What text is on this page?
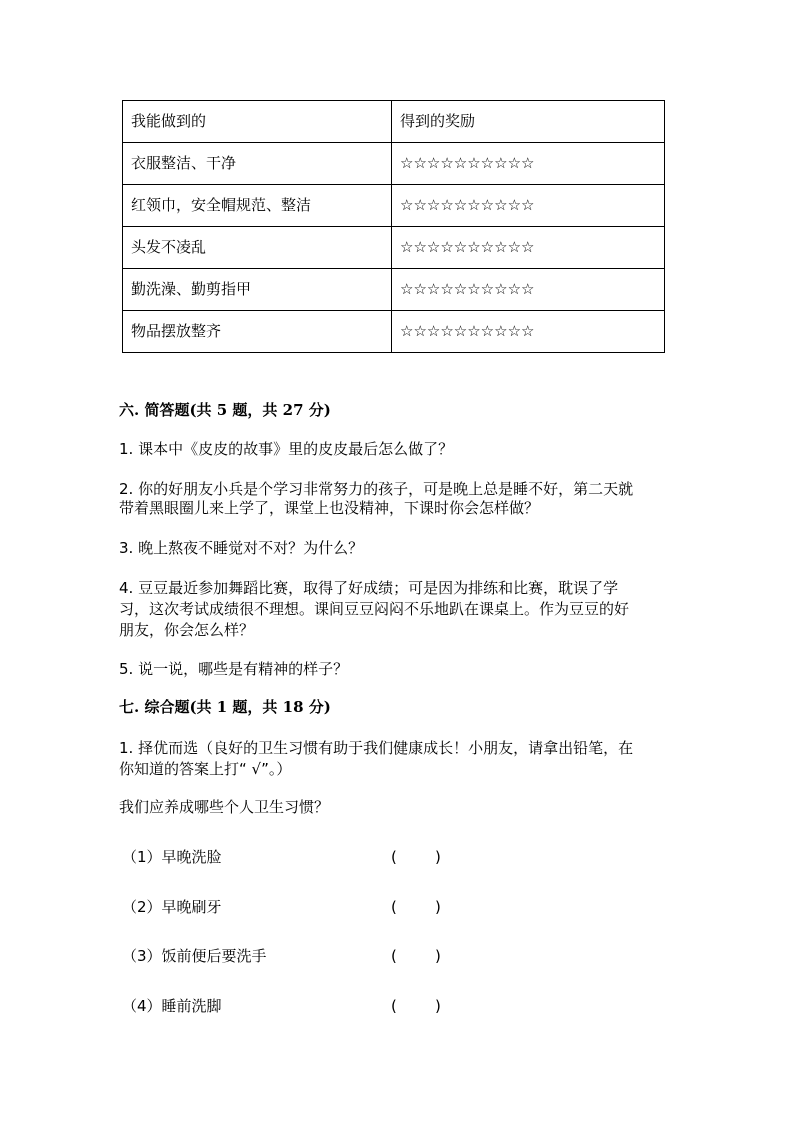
我能做到的	得到的奖励
衣服整洁、干净	☆☆☆☆☆☆☆☆☆☆
红领巾，安全帽规范、整洁	☆☆☆☆☆☆☆☆☆☆
头发不凌乱	☆☆☆☆☆☆☆☆☆☆
勤洗澡、勤剪指甲	☆☆☆☆☆☆☆☆☆☆
物品摆放整齐	☆☆☆☆☆☆☆☆☆☆
六. 简答题(共 5 题，共 27 分)
1. 课本中《皮皮的故事》里的皮皮最后怎么做了？
2. 你的好朋友小兵是个学习非常努力的孩子，可是晚上总是睡不好，第二天就
带着黑眼圈儿来上学了，课堂上也没精神，下课时你会怎样做？
3. 晚上熬夜不睡觉对不对？为什么？
4. 豆豆最近参加舞蹈比赛，取得了好成绩；可是因为排练和比赛，耽误了学
习，这次考试成绩很不理想。课间豆豆闷闷不乐地趴在课桌上。作为豆豆的好
朋友，你会怎么样？
5. 说一说，哪些是有精神的样子？
七. 综合题(共 1 题，共 18 分)
1. 择优而选（良好的卫生习惯有助于我们健康成长！小朋友，请拿出铅笔，在
你知道的答案上打“ √”。）
我们应养成哪些个人卫生习惯？
（1）早晚洗脸	(        )
（2）早晚刷牙	(        )
（3）饭前便后要洗手	(        )
（4）睡前洗脚	(        )
